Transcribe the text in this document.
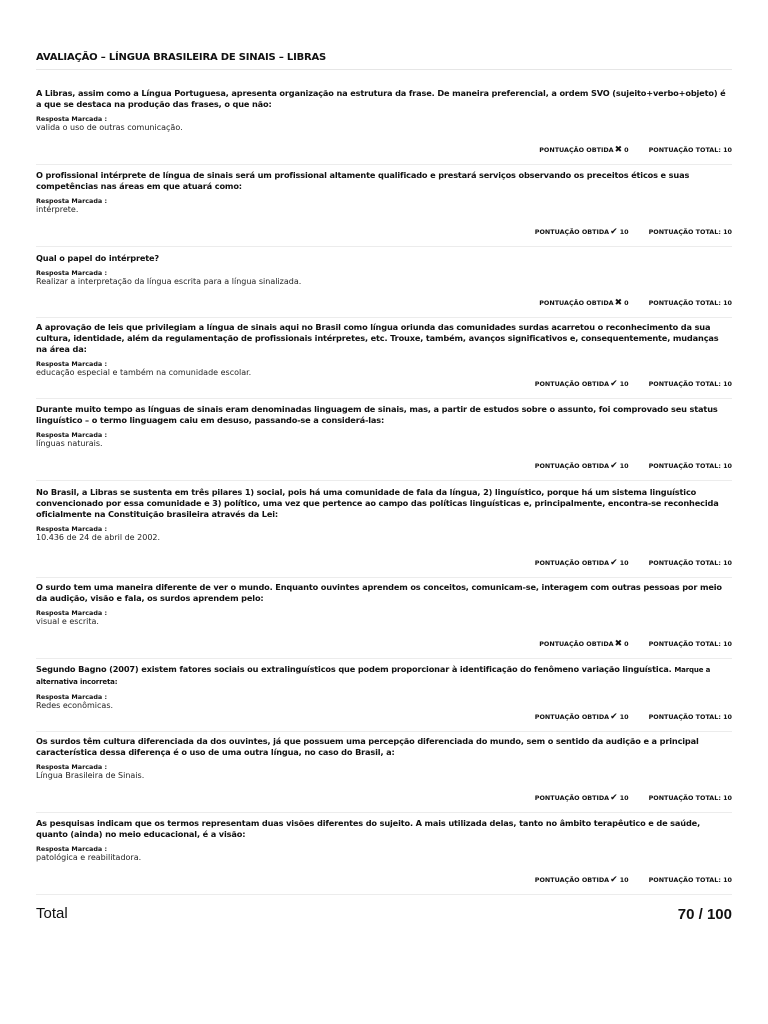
AVALIAÇÃO – LÍNGUA BRASILEIRA DE SINAIS – LIBRAS
A Libras, assim como a Língua Portuguesa, apresenta organização na estrutura da frase. De maneira preferencial, a ordem SVO (sujeito+verbo+objeto) é a que se destaca na produção das frases, o que não:
Resposta Marcada :
valida o uso de outras comunicação.
PONTUAÇÃO OBTIDA ✖ 0	PONTUAÇÃO TOTAL: 10
O profissional intérprete de língua de sinais será um profissional altamente qualificado e prestará serviços observando os preceitos éticos e suas competências nas áreas em que atuará como:
Resposta Marcada :
intérprete.
PONTUAÇÃO OBTIDA ✔ 10	PONTUAÇÃO TOTAL: 10
Qual o papel do intérprete?
Resposta Marcada :
Realizar a interpretação da língua escrita para a língua sinalizada.
PONTUAÇÃO OBTIDA ✖ 0	PONTUAÇÃO TOTAL: 10
A aprovação de leis que privilegiam a língua de sinais aqui no Brasil como língua oriunda das comunidades surdas acarretou o reconhecimento da sua cultura, identidade, além da regulamentação de profissionais intérpretes, etc. Trouxe, também, avanços significativos e, consequentemente, mudanças na área da:
Resposta Marcada :
educação especial e também na comunidade escolar.
PONTUAÇÃO OBTIDA ✔ 10	PONTUAÇÃO TOTAL: 10
Durante muito tempo as línguas de sinais eram denominadas linguagem de sinais, mas, a partir de estudos sobre o assunto, foi comprovado seu status linguístico – o termo linguagem caiu em desuso, passando-se a considerá-las:
Resposta Marcada :
línguas naturais.
PONTUAÇÃO OBTIDA ✔ 10	PONTUAÇÃO TOTAL: 10
No Brasil, a Libras se sustenta em três pilares 1) social, pois há uma comunidade de fala da língua, 2) linguístico, porque há um sistema linguístico convencionado por essa comunidade e 3) político, uma vez que pertence ao campo das políticas linguísticas e, principalmente, encontra-se reconhecida oficialmente na Constituição brasileira através da Lei:
Resposta Marcada :
10.436 de 24 de abril de 2002.
PONTUAÇÃO OBTIDA ✔ 10	PONTUAÇÃO TOTAL: 10
O surdo tem uma maneira diferente de ver o mundo. Enquanto ouvintes aprendem os conceitos, comunicam-se, interagem com outras pessoas por meio da audição, visão e fala, os surdos aprendem pelo:
Resposta Marcada :
visual e escrita.
PONTUAÇÃO OBTIDA ✖ 0	PONTUAÇÃO TOTAL: 10
Segundo Bagno (2007) existem fatores sociais ou extralinguísticos que podem proporcionar à identificação do fenômeno variação linguística. Marque a alternativa incorreta:
Resposta Marcada :
Redes econômicas.
PONTUAÇÃO OBTIDA ✔ 10	PONTUAÇÃO TOTAL: 10
Os surdos têm cultura diferenciada da dos ouvintes, já que possuem uma percepção diferenciada do mundo, sem o sentido da audição e a principal característica dessa diferença é o uso de uma outra língua, no caso do Brasil, a:
Resposta Marcada :
Língua Brasileira de Sinais.
PONTUAÇÃO OBTIDA ✔ 10	PONTUAÇÃO TOTAL: 10
As pesquisas indicam que os termos representam duas visões diferentes do sujeito. A mais utilizada delas, tanto no âmbito terapêutico e de saúde, quanto (ainda) no meio educacional, é a visão:
Resposta Marcada :
patológica e reabilitadora.
PONTUAÇÃO OBTIDA ✔ 10	PONTUAÇÃO TOTAL: 10
Total	70 / 100
